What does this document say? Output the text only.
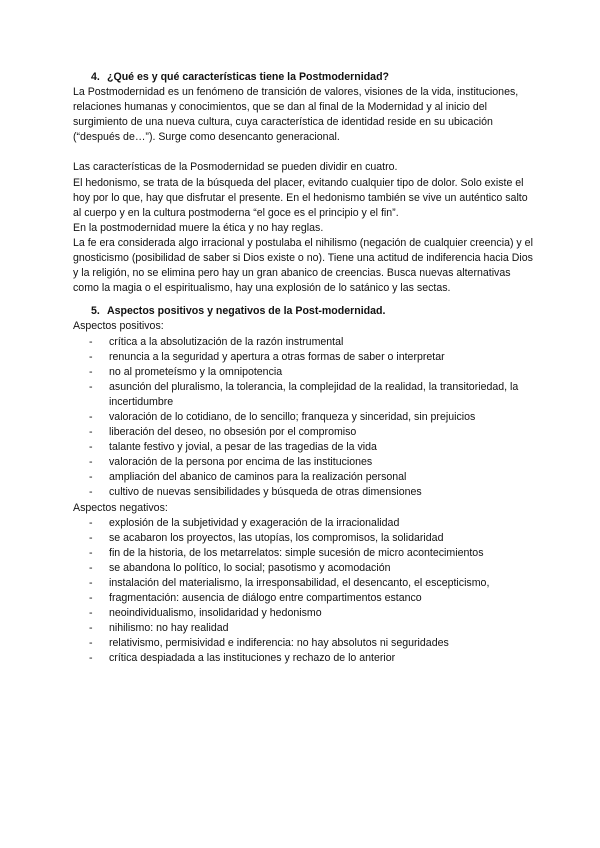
4. ¿Qué es y qué características tiene la Postmodernidad?

La Postmodernidad es un fenómeno de transición de valores, visiones de la vida, instituciones, relaciones humanas y conocimientos, que se dan al final de la Modernidad y al inicio del surgimiento de una nueva cultura, cuya característica de identidad reside en su ubicación (“después de…”). Surge como desencanto generacional.

Las características de la Posmodernidad se pueden dividir en cuatro.

El hedonismo, se trata de la búsqueda del placer, evitando cualquier tipo de dolor. Solo existe el hoy por lo que, hay que disfrutar el presente. En el hedonismo también se vive un auténtico salto al cuerpo y en la cultura postmoderna “el goce es el principio y el fin”.

En la postmodernidad muere la ética y no hay reglas.

La fe era considerada algo irracional y postulaba el nihilismo (negación de cualquier creencia) y el gnosticismo (posibilidad de saber si Dios existe o no). Tiene una actitud de indiferencia hacia Dios y la religión, no se elimina pero hay un gran abanico de creencias. Busca nuevas alternativas como la magia o el espiritualismo, hay una explosión de lo satánico y las sectas.

5. Aspectos positivos y negativos de la Post-modernidad.

Aspectos positivos:

- crítica a la absolutización de la razón instrumental
- renuncia a la seguridad y apertura a otras formas de saber o interpretar
- no al prometeísmo y la omnipotencia
- asunción del pluralismo, la tolerancia, la complejidad de la realidad, la transitoriedad, la incertidumbre
- valoración de lo cotidiano, de lo sencillo; franqueza y sinceridad, sin prejuicios
- liberación del deseo, no obsesión por el compromiso
- talante festivo y jovial, a pesar de las tragedias de la vida
- valoración de la persona por encima de las instituciones
- ampliación del abanico de caminos para la realización personal
- cultivo de nuevas sensibilidades y búsqueda de otras dimensiones

Aspectos negativos:

- explosión de la subjetividad y exageración de la irracionalidad
- se acabaron los proyectos, las utopías, los compromisos, la solidaridad
- fin de la historia, de los metarrelatos: simple sucesión de micro acontecimientos
- se abandona lo político, lo social; pasotismo y acomodación
- instalación del materialismo, la irresponsabilidad, el desencanto, el escepticismo,
- fragmentación: ausencia de diálogo entre compartimentos estanco
- neoindividualismo, insolidaridad y hedonismo
- nihilismo: no hay realidad
- relativismo, permisividad e indiferencia: no hay absolutos ni seguridades
- crítica despiadada a las instituciones y rechazo de lo anterior
